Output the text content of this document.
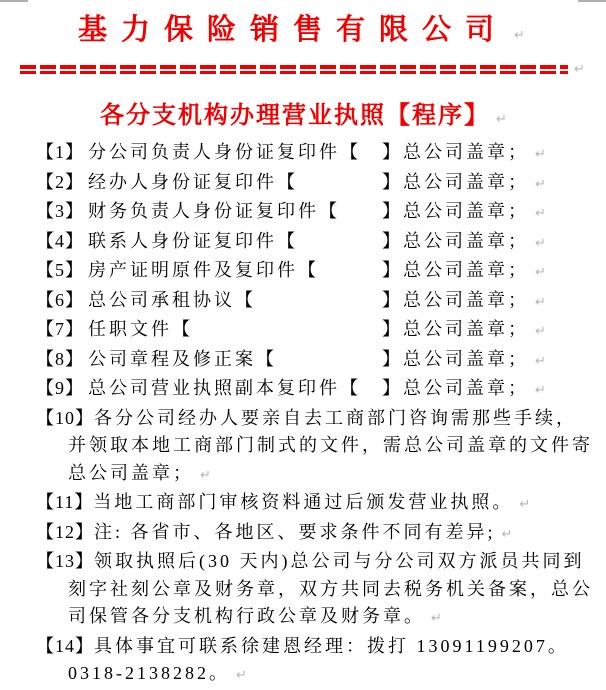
基力保险销售有限公司 ↵
↵
各分支机构办理营业执照【程序】 ↵
【1】 分公司负责人身份证复印件【　】总公司盖章； ↵
【2】 经办人身份证复印件【　　　　】总公司盖章； ↵
【3】 财务负责人身份证复印件【　　】总公司盖章； ↵
【4】 联系人身份证复印件【　　　　】总公司盖章； ↵
【5】 房产证明原件及复印件【　　　】总公司盖章； ↵
【6】 总公司承租协议【　　　　　　】总公司盖章； ↵
【7】 任职文件【　　　　　　　　　】总公司盖章； ↵
【8】 公司章程及修正案【　　　　　】总公司盖章； ↵
【9】 总公司营业执照副本复印件【　】总公司盖章； ↵
【10】各分公司经办人要亲自去工商部门咨询需那些手续，
并领取本地工商部门制式的文件，需总公司盖章的文件寄
总公司盖章； ↵
【11】当地工商部门审核资料通过后颁发营业执照。 ↵
【12】注: 各省市、各地区、要求条件不同有差异; ↵
【13】领取执照后(30 天内)总公司与分公司双方派员共同到
刻字社刻公章及财务章，双方共同去税务机关备案，总公
司保管各分支机构行政公章及财务章。 ↵
【14】具体事宜可联系徐建恩经理：拨打 13091199207。
0318-2138282。 ↵
